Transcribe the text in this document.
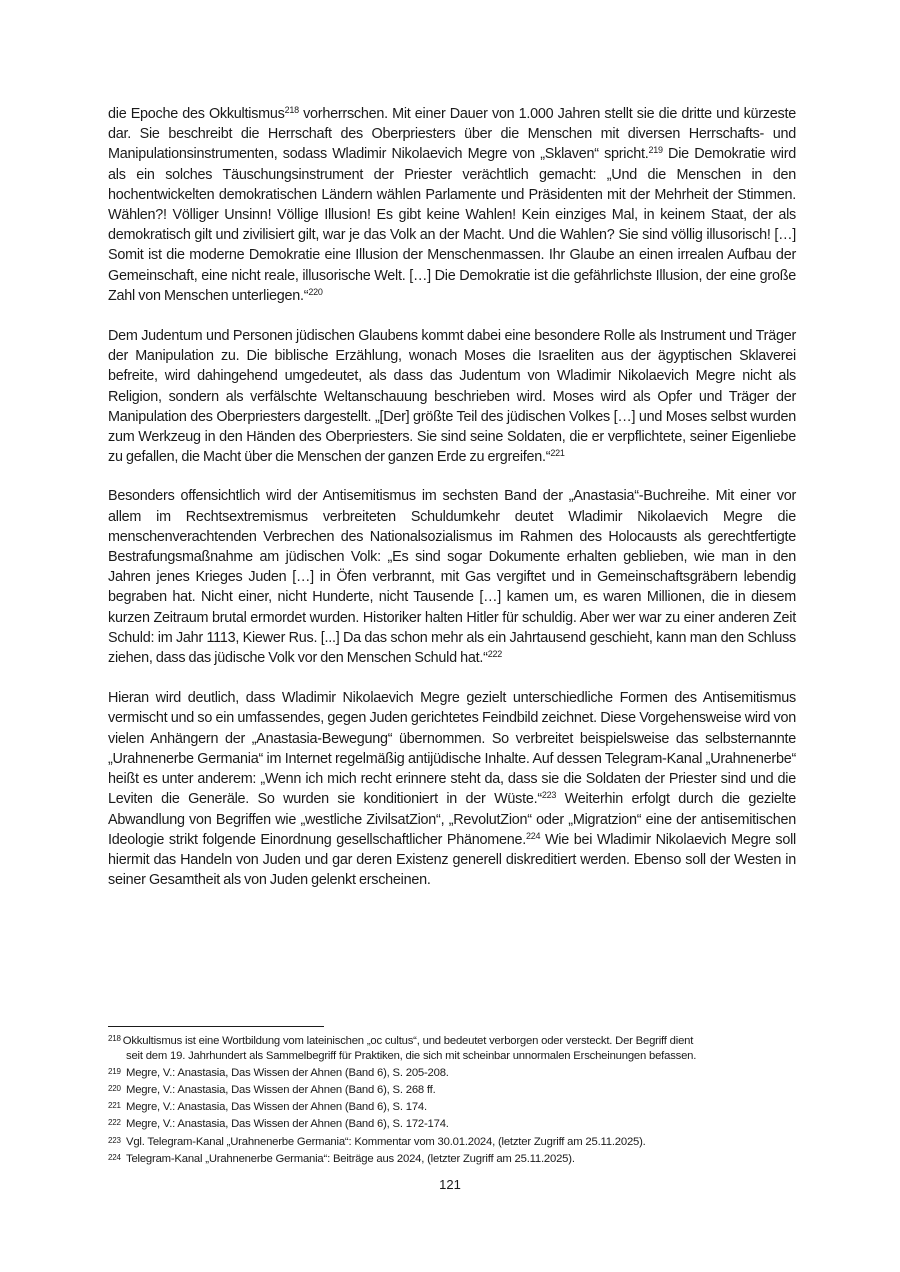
die Epoche des Okkultismus$^{218}$ vorherrschen. Mit einer Dauer von 1.000 Jahren stellt sie die dritte und kürzeste dar. Sie beschreibt die Herrschaft des Oberpriesters über die Menschen mit diversen Herrschafts- und Manipulationsinstrumenten, sodass Wladimir Nikolaevich Megre von „Sklaven“ spricht.$^{219}$ Die Demokratie wird als ein solches Täuschungsinstrument der Priester verächtlich gemacht: „Und die Menschen in den hochentwickelten demokratischen Ländern wählen Parlamente und Präsidenten mit der Mehrheit der Stimmen. Wählen?! Völliger Unsinn! Völlige Illusion! Es gibt keine Wahlen! Kein einziges Mal, in keinem Staat, der als demokratisch gilt und zivilisiert gilt, war je das Volk an der Macht. Und die Wahlen? Sie sind völlig illusorisch! […] Somit ist die moderne Demokratie eine Illusion der Menschenmassen. Ihr Glaube an einen irrealen Aufbau der Gemeinschaft, eine nicht reale, illusorische Welt. […] Die Demokratie ist die gefährlichste Illusion, der eine große Zahl von Menschen unterliegen.“$^{220}$

Dem Judentum und Personen jüdischen Glaubens kommt dabei eine besondere Rolle als Instrument und Träger der Manipulation zu. Die biblische Erzählung, wonach Moses die Israeliten aus der ägyptischen Sklaverei befreite, wird dahingehend umgedeutet, als dass das Judentum von Wladimir Nikolaevich Megre nicht als Religion, sondern als verfälschte Weltanschauung beschrieben wird. Moses wird als Opfer und Träger der Manipulation des Oberpriesters dargestellt. „[Der] größte Teil des jüdischen Volkes […] und Moses selbst wurden zum Werkzeug in den Händen des Oberpriesters. Sie sind seine Soldaten, die er verpflichtete, seiner Eigenliebe zu gefallen, die Macht über die Menschen der ganzen Erde zu ergreifen.“$^{221}$

Besonders offensichtlich wird der Antisemitismus im sechsten Band der „Anastasia“-Buchreihe. Mit einer vor allem im Rechtsextremismus verbreiteten Schuldumkehr deutet Wladimir Nikolaevich Megre die menschenverachtenden Verbrechen des Nationalsozialismus im Rahmen des Holocausts als gerechtfertigte Bestrafungsmaßnahme am jüdischen Volk: „Es sind sogar Dokumente erhalten geblieben, wie man in den Jahren jenes Krieges Juden […] in Öfen verbrannt, mit Gas vergiftet und in Gemeinschaftsgräbern lebendig begraben hat. Nicht einer, nicht Hunderte, nicht Tausende […] kamen um, es waren Millionen, die in diesem kurzen Zeitraum brutal ermordet wurden. Historiker halten Hitler für schuldig. Aber wer war zu einer anderen Zeit Schuld: im Jahr 1113, Kiewer Rus. [...] Da das schon mehr als ein Jahrtausend geschieht, kann man den Schluss ziehen, dass das jüdische Volk vor den Menschen Schuld hat.“$^{222}$

Hieran wird deutlich, dass Wladimir Nikolaevich Megre gezielt unterschiedliche Formen des Antisemitismus vermischt und so ein umfassendes, gegen Juden gerichtetes Feindbild zeichnet. Diese Vorgehensweise wird von vielen Anhängern der „Anastasia-Bewegung“ übernommen. So verbreitet beispielsweise das selbsternannte „Urahnenerbe Germania“ im Internet regelmäßig antijüdische Inhalte. Auf dessen Telegram-Kanal „Urahnenerbe“ heißt es unter anderem: „Wenn ich mich recht erinnere steht da, dass sie die Soldaten der Priester sind und die Leviten die Generäle. So wurden sie konditioniert in der Wüste.“$^{223}$ Weiterhin erfolgt durch die gezielte Abwandlung von Begriffen wie „westliche ZivilsatZion“, „RevolutZion“ oder „Migratzion“ eine der antisemitischen Ideologie strikt folgende Einordnung gesellschaftlicher Phänomene.$^{224}$ Wie bei Wladimir Nikolaevich Megre soll hiermit das Handeln von Juden und gar deren Existenz generell diskreditiert werden. Ebenso soll der Westen in seiner Gesamtheit als von Juden gelenkt erscheinen.

$^{218}$ Okkultismus ist eine Wortbildung vom lateinischen „oc cultus“, und bedeutet verborgen oder versteckt. Der Begriff dient
seit dem 19. Jahrhundert als Sammelbegriff für Praktiken, die sich mit scheinbar unnormalen Erscheinungen befassen.
219 Megre, V.: Anastasia, Das Wissen der Ahnen (Band 6), S. 205-208.
220 Megre, V.: Anastasia, Das Wissen der Ahnen (Band 6), S. 268 ff.
221 Megre, V.: Anastasia, Das Wissen der Ahnen (Band 6), S. 174.
222 Megre, V.: Anastasia, Das Wissen der Ahnen (Band 6), S. 172-174.
223 Vgl. Telegram-Kanal „Urahnenerbe Germania“: Kommentar vom 30.01.2024, (letzter Zugriff am 25.11.2025).
224 Telegram-Kanal „Urahnenerbe Germania“: Beiträge aus 2024, (letzter Zugriff am 25.11.2025).
121
